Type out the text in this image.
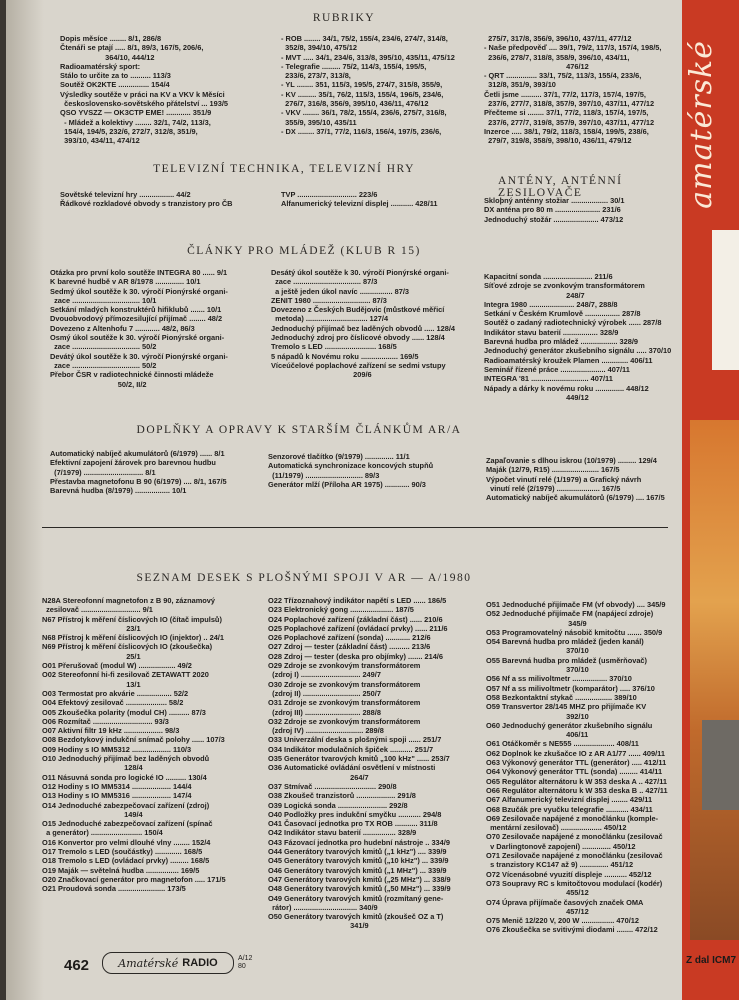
RUBRIKY
Dopis měsíce ........ 8/1, 286/8
Čtenáři se ptají ..... 8/1, 89/3, 167/5, 206/6,
364/10, 444/12
Radioamatérský sport:
Stálo to určite za to .......... 113/3
Soutěž OK2KTE ............... 154/4
Výsledky soutěže v práci na KV a VKV k Měsíci
československo-sovětského přátelství ... 193/5
QSO YVSZZ — OK3CTP EME! ............ 351/9
- Mládež a kolektivy ........ 32/1, 74/2, 113/3,
154/4, 194/5, 232/6, 272/7, 312/8, 351/9,
393/10, 434/11, 474/12
- ROB ........ 34/1, 75/2, 155/4, 234/6, 274/7, 314/8,
352/8, 394/10, 475/12
- MVT ..... 34/1, 234/6, 313/8, 395/10, 435/11, 475/12
- Telegrafie ......... 75/2, 114/3, 155/4, 195/5,
233/6, 273/7, 313/8,
- YL ........ 351, 115/3, 195/5, 274/7, 315/8, 355/9,
- KV ......... 35/1, 76/2, 115/3, 155/4, 196/5, 234/6,
276/7, 316/8, 356/9, 395/10, 436/11, 476/12
- VKV ........ 36/1, 78/2, 155/4, 236/6, 275/7, 316/8,
355/9, 395/10, 435/11
- DX ........ 37/1, 77/2, 116/3, 156/4, 197/5, 236/6,
275/7, 317/8, 356/9, 396/10, 437/11, 477/12
- Naše předpověď .... 39/1, 79/2, 117/3, 157/4, 198/5,
236/6, 278/7, 318/8, 358/9, 396/10, 434/11,
476/12
- QRT ............... 33/1, 75/2, 113/3, 155/4, 233/6,
312/8, 351/9, 393/10
Četli jsme .......... 37/1, 77/2, 117/3, 157/4, 197/5,
237/6, 277/7, 318/8, 357/9, 397/10, 437/11, 477/12
Přečteme si ........ 37/1, 77/2, 118/3, 157/4, 197/5,
237/6, 277/7, 319/8, 357/9, 397/10, 437/11, 477/12
Inzerce ..... 38/1, 79/2, 118/3, 158/4, 199/5, 238/6,
279/7, 319/8, 358/9, 398/10, 436/11, 479/12
TELEVIZNÍ TECHNIKA, TELEVIZNÍ HRY
ANTÉNY, ANTÉNNÍ ZESILOVAČE
Sovětské televizní hry ................. 44/2
Řádkové rozkladové obvody s tranzistory pro ČB
TVP ............................. 223/6
Alfanumerický televizní displej ........... 428/11	Skloþný anténny stožiar .................. 30/1
DX anténa pro 80 m ...................... 231/6
Jednoduchý stožár ...................... 473/12
ČLÁNKY PRO MLÁDEŽ (KLUB R 15)
Otázka pro první kolo soutěže INTEGRA 80 ...... 9/1
K barevné hudbě v AR 8/1978 .............. 10/1
Sedmý úkol soutěže k 30. výročí Pionýrské organi-
zace ................................. 10/1
Setkání mladých konstruktérů hifiklubů ....... 10/1
Dvouobvodový přímozesilující přijímač ........ 48/2
Dovezeno z Altenhofu 7 ............ 48/2, 86/3
Osmý úkol soutěže k 30. výročí Pionýrské organi-
zace ................................. 50/2
Devátý úkol soutěže k 30. výročí Pionýrské organi-
zace ................................. 50/2
Přebor ČSR v radiotechnické činnosti mládeže
50/2, II/2
Desátý úkol soutěže k 30. výročí Pionýrské organi-
zace ................................. 87/3
a ještě jeden úkol navíc ................ 87/3
ZENIT 1980 ............................ 87/3
Dovezeno z Českých Budějovic (můstkové měřicí
metoda) .............................. 127/4
Jednoduchý přijímač bez laděných obvodů ..... 128/4
Jednoduchý zdroj pro číslicové obvody ...... 128/4
Tremolo s LED ......................... 168/5
5 nápadů k Novému roku .................. 169/5
Víceúčelové poplachové zařízení se sedmi vstupy
209/6
Kapacitní sonda ........................ 211/6
Síťové zdroje se zvonkovým transformátorem
248/7
Integra 1980 ...................... 248/7, 288/8
Setkání v Českém Krumlově ................. 287/8
Soutěž o zadaný radiotechnický výrobek ...... 287/8
Indikátor stavu baterií ................. 328/9
Barevná hudba pro mládež .................. 328/9
Jednoduchý generátor zkušebního signálu ..... 370/10
Radioamatérský kroužek Plamen ............. 406/11
Seminář řízené práce ...................... 407/11
INTEGRA '81 ............................ 407/11
Nápady a dárky k novému roku .............. 448/12
449/12
DOPLŇKY A OPRAVY K STARŠÍM ČLÁNKŮM AR/A
Automatický nabíječ akumulátorů (6/1979) ...... 8/1
Efektivní zapojení žárovek pro barevnou hudbu
(7/1979) ............................. 8/1
Přestavba magnetofonu B 90 (6/1979) .... 8/1, 167/5
Barevná hudba (8/1979) ................. 10/1
Senzorové tlačítko (9/1979) .............. 11/1
Automatická synchronizace koncových stupňů
(11/1979) ............................ 89/3
Generátor mlží (Příloha AR 1975) ............ 90/3
Zapaľovanie s dlhou iskrou (10/1979) ......... 129/4
Maják (12/79, R15) ....................... 167/5
Výpočet vinutí relé (1/1979) a Grafický návrh
vinutí relé (2/1979) ..................... 167/5
Automatický nabíječ akumulátorů (6/1979) .... 167/5
SEZNAM DESEK S PLOŠNÝMI SPOJI V AR — A/1980
N28A Stereofonní magnetofon z B 90, záznamový
zesilovač ............................. 9/1
N67 Přístroj k měření číslicových IO (čítač impulsů)
23/1
N68 Přístroj k měření číslicových IO (injektor) .. 24/1
N69 Přístroj k měření číslicových IO (zkoušečka)
25/1
O01 Přerušovač (modul W) .................. 49/2
O02 Stereofonní hi-fi zesilovač ZETAWATT 2020
13/1
O03 Termostat pro akvárie ................. 52/2
O04 Efektový zesilovač .................... 58/2
O05 Zkoušečka polarity (modul CH) .......... 87/3
O06 Rozmítač ............................. 93/3
O07 Aktivní filtr 19 kHz ................... 98/3
O08 Bezdotykový indukční snímač polohy ...... 107/3
O09 Hodiny s IO MM5312 ................... 110/3
O10 Jednoduchý přijímač bez laděných obvodů
128/4
O11 Násuvná sonda pro logické IO .......... 130/4
O12 Hodiny s IO MM5314 ................... 144/4
O13 Hodiny s IO MM5316 ................... 147/4
O14 Jednoduché zabezpečovací zařízení (zdroj)
149/4
O15 Jednoduché zabezpečovací zařízení (spínač
a generátor) ......................... 150/4
O16 Konvertor pro velmi dlouhé vlny ........ 152/4
O17 Tremolo s LED (součástky) ............. 168/5
O18 Tremolo s LED (ovládací prvky) ......... 168/5
O19 Maják — světelná hudba ................ 169/5
O20 Značkovací generátor pro magnetofon ..... 171/5
O21 Proudová sonda ....................... 173/5
O22 Třízoznahový indikátor napětí s LED ...... 186/5
O23 Elektronický gong ..................... 187/5
O24 Poplachové zařízení (základní část) ...... 210/6
O25 Poplachové zařízení (ovládací prvky) ...... 211/6
O26 Poplachové zařízení (sonda) ............ 212/6
O27 Zdroj — tester (základní část) .......... 213/6
O28 Zdroj — tester (deska pro objímky) ....... 214/6
O29 Zdroje se zvonkovým transformátorem
(zdroj I) ............................. 249/7
O30 Zdroje se zvonkovým transformátorem
(zdroj II) ............................ 250/7
O31 Zdroje se zvonkovým transformátorem
(zdroj III) ........................... 288/8
O32 Zdroje se zvonkovým transformátorem
(zdroj IV) ............................ 289/8
O33 Univerzální deska s plošnými spoji ...... 251/7
O34 Indikátor modulačních špiček ........... 251/7
O35 Generátor tvarových kmitů „100 kHz" ...... 253/7
O36 Automatické ovládání osvětlení v místnosti
264/7
O37 Stmívač .............................. 290/8
O38 Zkoušeč tranzistorů ................... 291/8
O39 Logická sonda ........................ 292/8
O40 Podložky pres indukční smyčku ........... 294/8
O41 Časovací jednotka pro TX ROB ........... 311/8
O42 Indikátor stavu baterií ................ 328/9
O43 Fázovací jednotka pro hudební nástroje .. 334/9
O44 Generátory tvarových kmitů („1 kHz") .... 339/9
O45 Generátory tvarových kmitů („10 kHz") ... 339/9
O46 Generátory tvarových kmitů („1 MHz") ... 339/9
O47 Generátory tvarových kmitů („25 MHz") ... 338/9
O48 Generátory tvarových kmitů („50 MHz") ... 339/9
O49 Generátory tvarových kmitů (rozmítaný gene-
rátor) ............................... 340/9
O50 Generátory tvarových kmitů (zkoušeč OZ a T)
341/9
O51 Jednoduché přijímače FM (vf obvody) .... 345/9
O52 Jednoduché přijímače FM (napájecí zdroje)
345/9
O53 Programovatelný násobič kmitočtu ....... 350/9
O54 Barevná hudba pro mládež (jeden kanál)
370/10
O55 Barevná hudba pro mládež (usměrňovač)
370/10
O56 Nf a ss milivoltmetr ................. 370/10
O57 Nf a ss milivoltmetr (komparátor) ..... 376/10
O58 Bezkontaktní stykač .................. 389/10
O59 Transvertor 28/145 MHZ pro přijímače KV
392/10
O60 Jednoduchý generátor zkušebního signálu
406/11
O61 Otáčkoměr s NE555 .................... 408/11
O62 Doplnok ke zkušačce IO z AR A1/77 ...... 409/11
O63 Výkonový generátor TTL (generátor) ..... 412/11
O64 Výkonový generátor TTL (sonda) ......... 414/11
O65 Regulátor alternátoru k W 353 deska A .. 427/11
O66 Regulátor alternátoru k W 353 deska B .. 427/11
O67 Alfanumerický televizní displej ........ 429/11
O68 Bzučák pre vyučku telegrafie ........... 434/11
O69 Zesilovače napájené z monočlánku (komple-
mentární zesilovač) .................... 450/12
O70 Zesilovače napájené z monočlánku (zesilovač
v Darlingtonově zapojení) .............. 450/12
O71 Zesilovače napájené z monočlánku (zesilovač
s tranzistory KC147 až 9) .............. 451/12
O72 Vícenásobné vyuzití displeje ........... 452/12
O73 Soupravy RC s kmitočtovou modulací (kodér)
455/12
O74 Úprava přijímače časových značek OMA
457/12
O75 Menič 12/220 V, 200 W ................ 470/12
O76 Zkoušečka se svitivými diodami ........ 472/12
462	Amatérské RADIO	A/12
80
amatérské
Z dal ICM7
